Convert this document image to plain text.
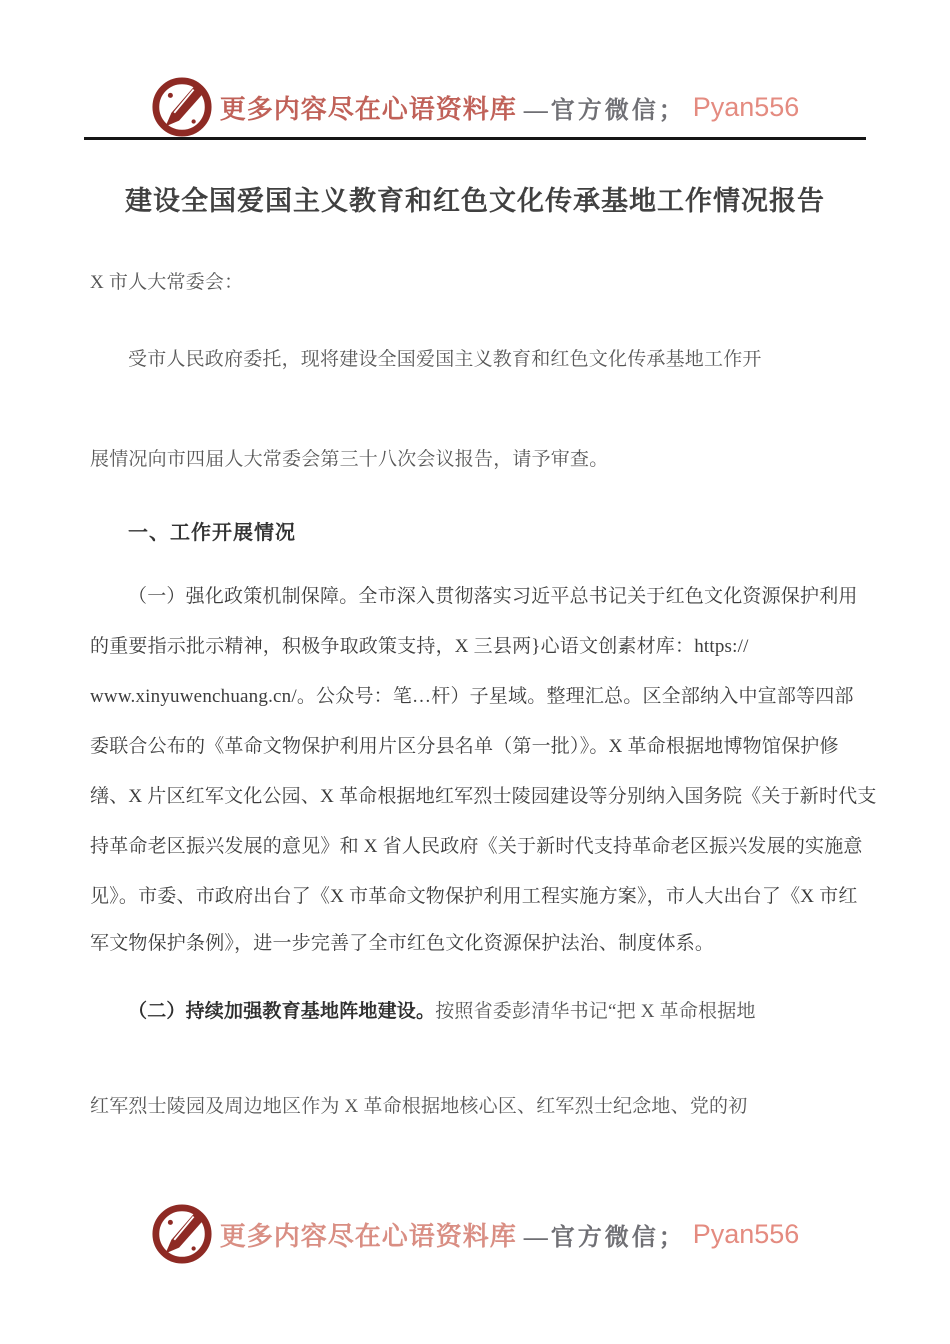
更多内容尽在心语资料库 —官方微信； Pyan556
建设全国爱国主义教育和红色文化传承基地工作情况报告
X 市人大常委会：
受市人民政府委托，现将建设全国爱国主义教育和红色文化传承基地工作开
展情况向市四届人大常委会第三十八次会议报告，请予审查。
一、工作开展情况
（一）强化政策机制保障。全市深入贯彻落实习近平总书记关于红色文化资源保护利用
的重要指示批示精神，积极争取政策支持，X 三县两}心语文创素材库：https://
www.xinyuwenchuang.cn/。公众号：笔…杆）子星域。整理汇总。区全部纳入中宣部等四部
委联合公布的《革命文物保护利用片区分县名单（第一批）》。X 革命根据地博物馆保护修
缮、X 片区红军文化公园、X 革命根据地红军烈士陵园建设等分别纳入国务院《关于新时代支
持革命老区振兴发展的意见》和 X 省人民政府《关于新时代支持革命老区振兴发展的实施意
见》。市委、市政府出台了《X 市革命文物保护利用工程实施方案》，市人大出台了《X 市红
军文物保护条例》，进一步完善了全市红色文化资源保护法治、制度体系。
（二）持续加强教育基地阵地建设。按照省委彭清华书记“把 X 革命根据地
红军烈士陵园及周边地区作为 X 革命根据地核心区、红军烈士纪念地、党的初
更多内容尽在心语资料库 —官方微信； Pyan556
